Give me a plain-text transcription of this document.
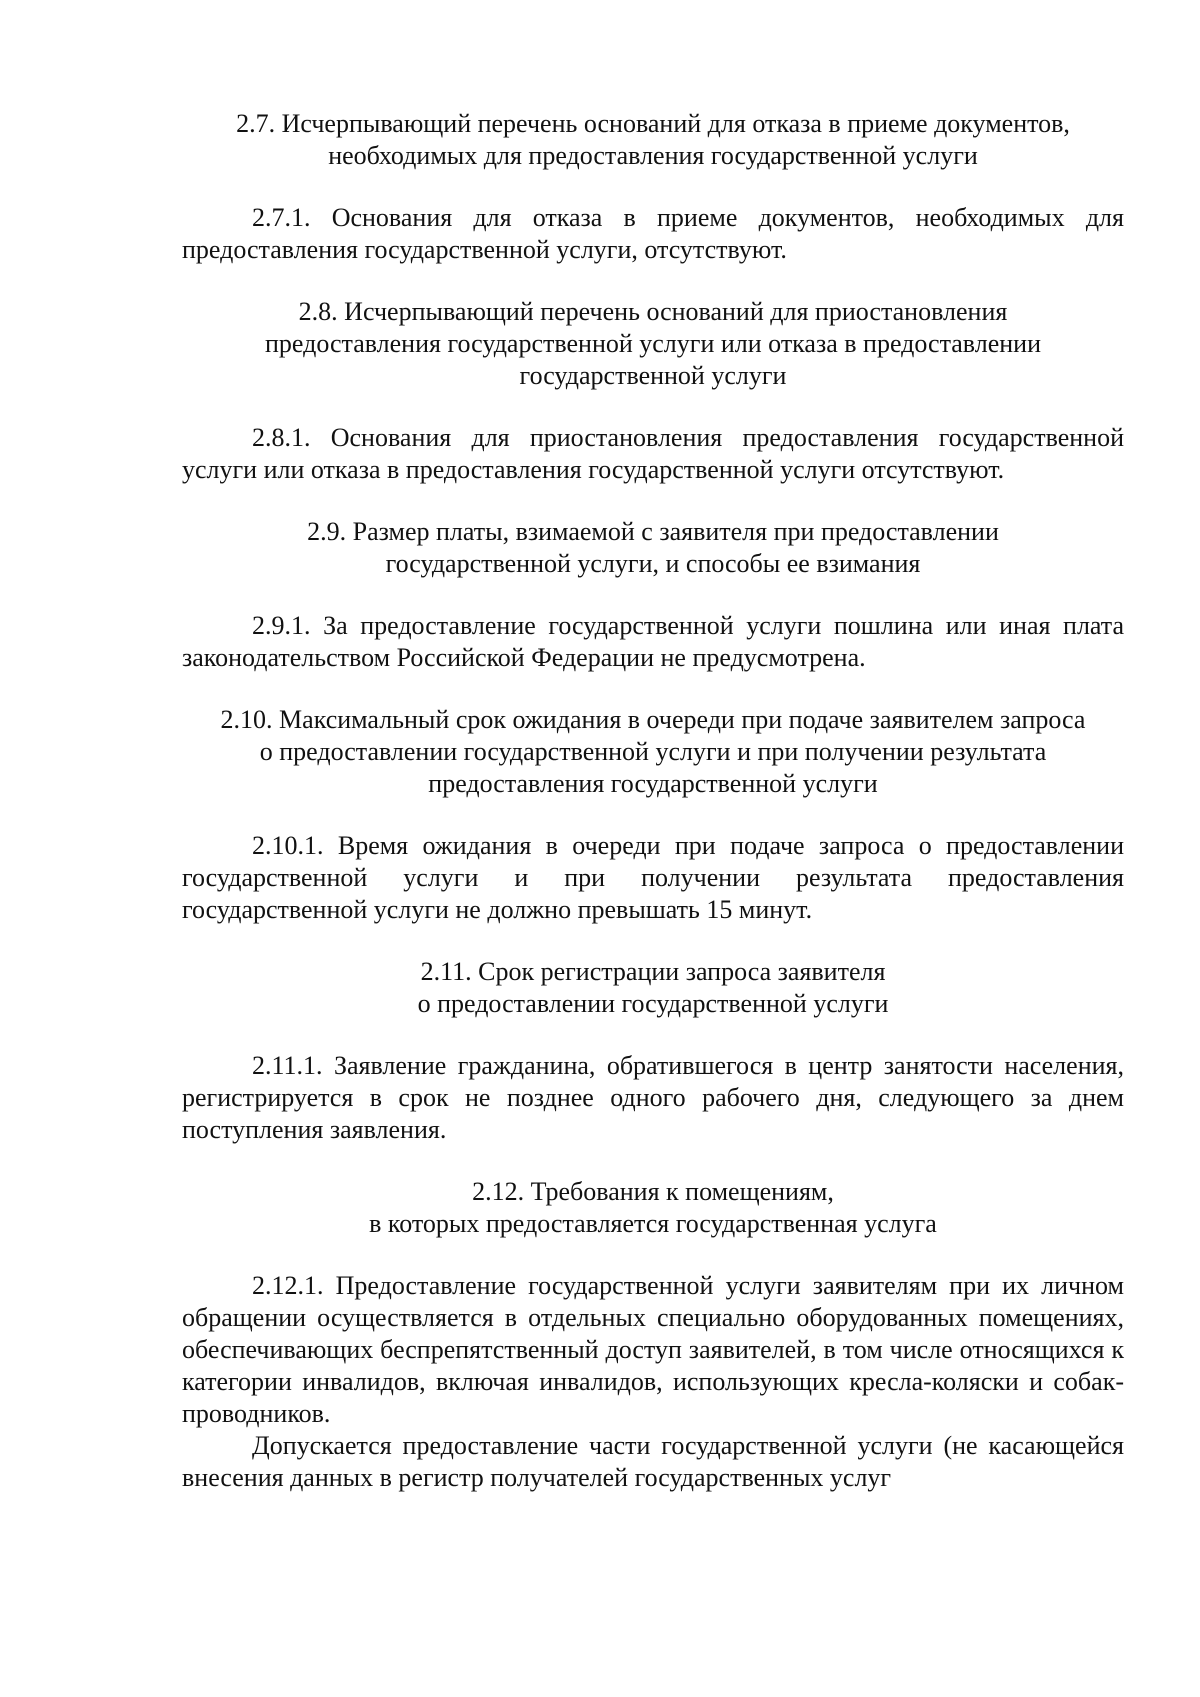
2.7. Исчерпывающий перечень оснований для отказа в приеме документов,
необходимых для предоставления государственной услуги

2.7.1. Основания для отказа в приеме документов, необходимых для предоставления государственной услуги, отсутствуют.

2.8. Исчерпывающий перечень оснований для приостановления
предоставления государственной услуги или отказа в предоставлении
государственной услуги

2.8.1. Основания для приостановления предоставления государственной услуги или отказа в предоставления государственной услуги отсутствуют.

2.9. Размер платы, взимаемой с заявителя при предоставлении
государственной услуги, и способы ее взимания

2.9.1. За предоставление государственной услуги пошлина или иная плата законодательством Российской Федерации не предусмотрена.

2.10. Максимальный срок ожидания в очереди при подаче заявителем запроса
о предоставлении государственной услуги и при получении результата
предоставления государственной услуги

2.10.1. Время ожидания в очереди при подаче запроса о предоставлении государственной услуги и при получении результата предоставления государственной услуги не должно превышать 15 минут.

2.11. Срок регистрации запроса заявителя
о предоставлении государственной услуги

2.11.1. Заявление гражданина, обратившегося в центр занятости населения, регистрируется в срок не позднее одного рабочего дня, следующего за днем поступления заявления.

2.12. Требования к помещениям,
в которых предоставляется государственная услуга

2.12.1. Предоставление государственной услуги заявителям при их личном обращении осуществляется в отдельных специально оборудованных помещениях, обеспечивающих беспрепятственный доступ заявителей, в том числе относящихся к категории инвалидов, включая инвалидов, использующих кресла-коляски и собак-проводников.

Допускается предоставление части государственной услуги (не касающейся внесения данных в регистр получателей государственных услуг
